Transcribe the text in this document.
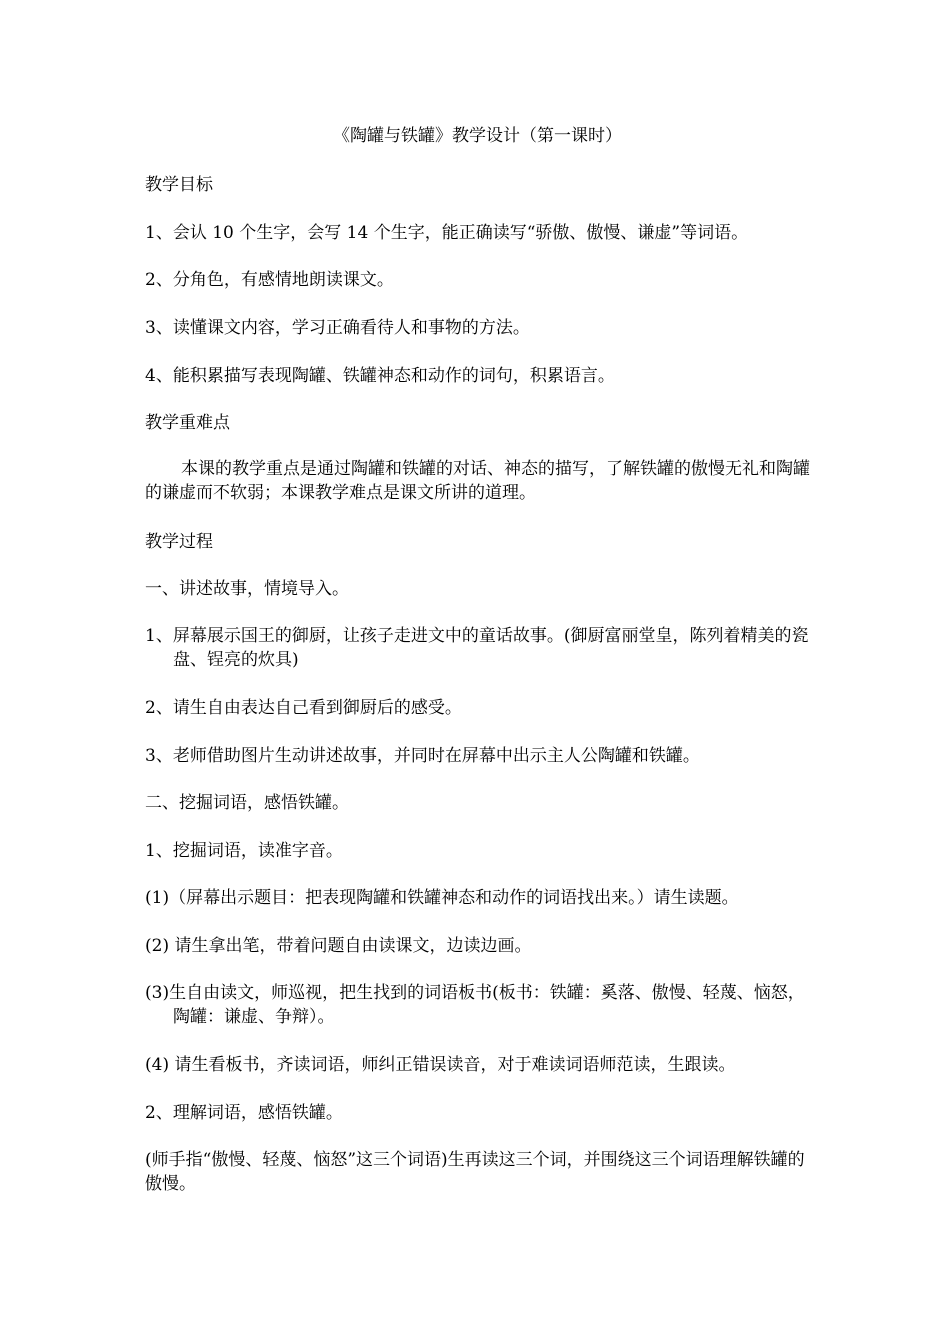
《陶罐与铁罐》教学设计（第一课时）
教学目标
1、会认 10 个生字，会写 14 个生字，能正确读写“骄傲、傲慢、谦虚”等词语。
2、分角色，有感情地朗读课文。
3、读懂课文内容，学习正确看待人和事物的方法。
4、能积累描写表现陶罐、铁罐神态和动作的词句，积累语言。
教学重难点
本课的教学重点是通过陶罐和铁罐的对话、神态的描写，了解铁罐的傲慢无礼和陶罐的谦虚而不软弱；本课教学难点是课文所讲的道理。
教学过程
一、讲述故事，情境导入。
1、屏幕展示国王的御厨，让孩子走进文中的童话故事。(御厨富丽堂皇，陈列着精美的瓷盘、锃亮的炊具)
2、请生自由表达自己看到御厨后的感受。
3、老师借助图片生动讲述故事，并同时在屏幕中出示主人公陶罐和铁罐。
二、挖掘词语，感悟铁罐。
1、挖掘词语，读准字音。
(1)（屏幕出示题目：把表现陶罐和铁罐神态和动作的词语找出来。）请生读题。
(2) 请生拿出笔，带着问题自由读课文，边读边画。
(3)生自由读文，师巡视，把生找到的词语板书(板书：铁罐：奚落、傲慢、轻蔑、恼怒，陶罐：谦虚、争辩）。
(4) 请生看板书，齐读词语，师纠正错误读音，对于难读词语师范读，生跟读。
2、理解词语，感悟铁罐。
(师手指“傲慢、轻蔑、恼怒”这三个词语)生再读这三个词，并围绕这三个词语理解铁罐的傲慢。
